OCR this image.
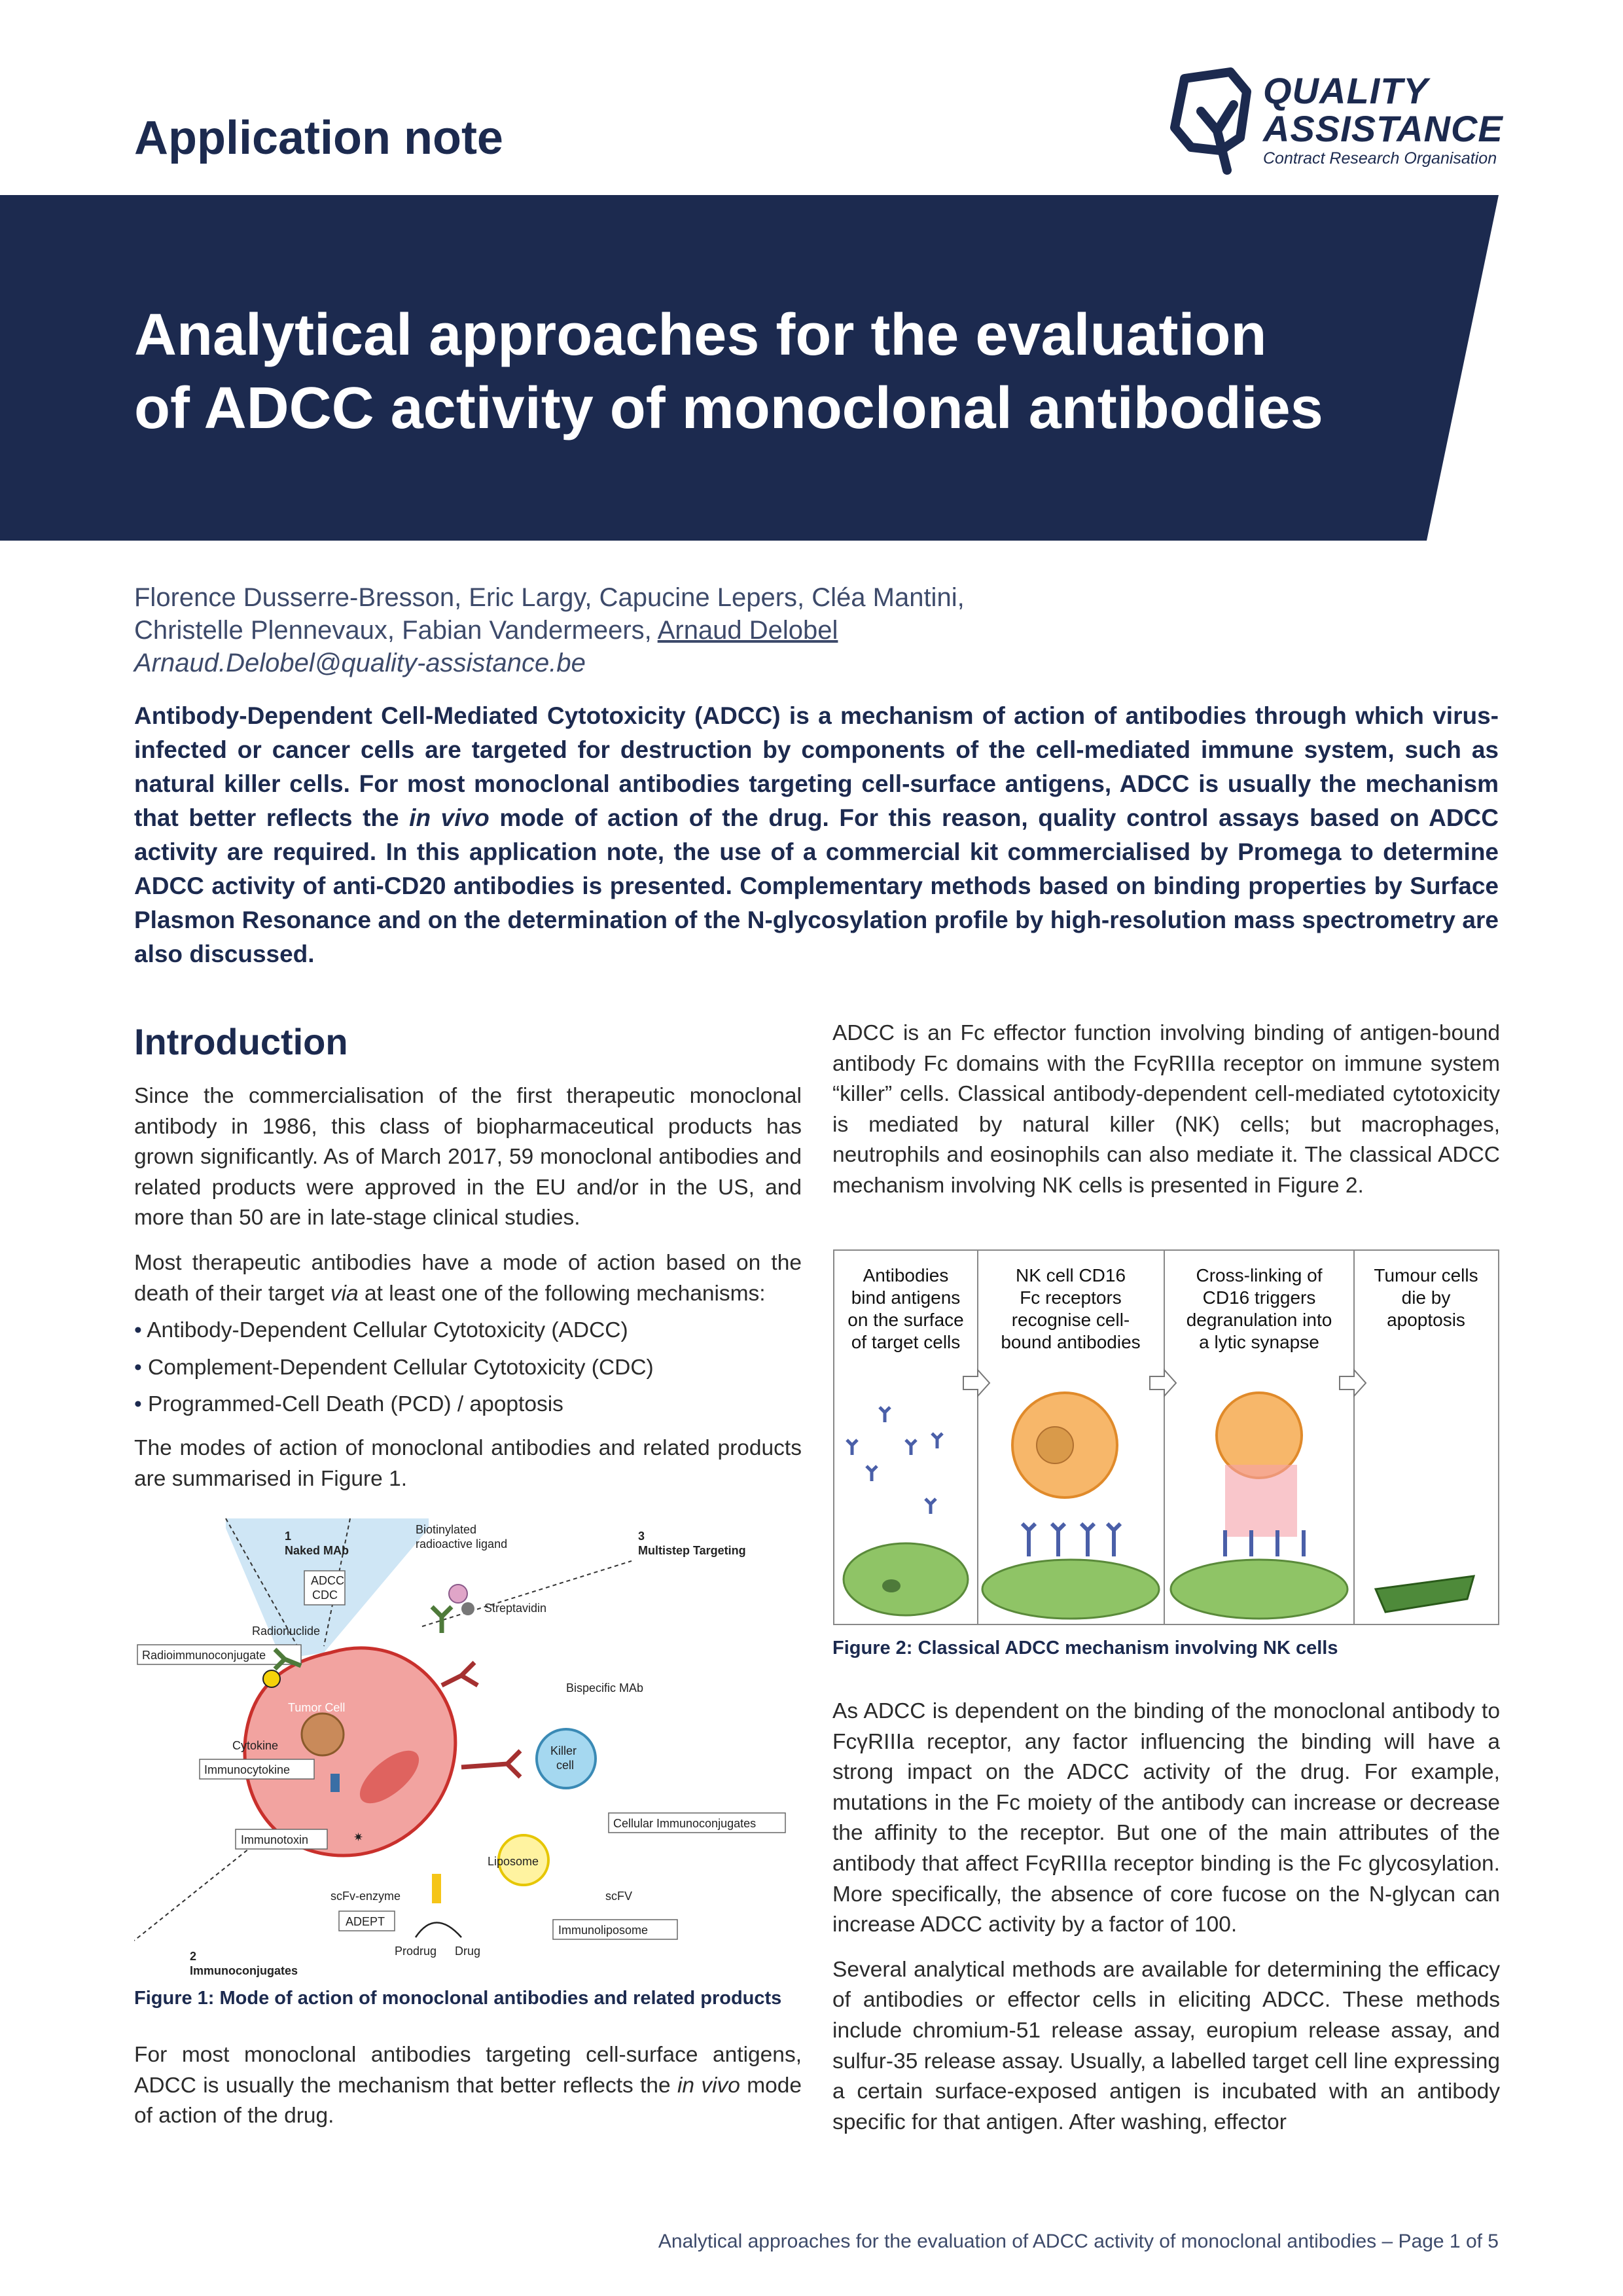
Application note
QUALITY
ASSISTANCE
Contract Research Organisation
Analytical approaches for the evaluation
of ADCC activity of monoclonal antibodies
Florence Dusserre-Bresson, Eric Largy, Capucine Lepers, Cléa Mantini,
Christelle Plennevaux, Fabian Vandermeers, Arnaud Delobel
Arnaud.Delobel@quality-assistance.be

Antibody-Dependent Cell-Mediated Cytotoxicity (ADCC) is a mechanism of action of antibodies through which virus-infected or cancer cells are targeted for destruction by components of the cell-mediated immune system, such as natural killer cells. For most monoclonal antibodies targeting cell-surface antigens, ADCC is usually the mechanism that better reflects the in vivo mode of action of the drug. For this reason, quality control assays based on ADCC activity are required. In this application note, the use of a commercial kit commercialised by Promega to determine ADCC activity of anti-CD20 antibodies is presented. Complementary methods based on binding properties by Surface Plasmon Resonance and on the determination of the N-glycosylation profile by high-resolution mass spectrometry are also discussed.

Introduction

Since the commercialisation of the first therapeutic monoclonal antibody in 1986, this class of biopharmaceutical products has grown significantly. As of March 2017, 59 monoclonal antibodies and related products were approved in the EU and/or in the US, and more than 50 are in late-stage clinical studies.

Most therapeutic antibodies have a mode of action based on the death of their target via at least one of the following mechanisms:

• Antibody-Dependent Cellular Cytotoxicity (ADCC)
• Complement-Dependent Cellular Cytotoxicity (CDC)
• Programmed-Cell Death (PCD) / apoptosis

The modes of action of monoclonal antibodies and related products are summarised in Figure 1.

Tumor Cell
1
Naked MAb
ADCC
CDC
Biotinylated
radioactive ligand
3
Multistep Targeting
Streptavidin
Radionuclide
Radioimmunoconjugate
Bispecific MAb
Killer
cell
Cellular Immunoconjugates
Cytokine
Immunocytokine
Immunotoxin	✷
Liposome
scFv-enzyme	scFV
ADEPT
Prodrug Drug
Immunoliposome
2
Immunoconjugates
Figure 1: Mode of action of monoclonal antibodies and related products

For most monoclonal antibodies targeting cell-surface antigens, ADCC is usually the mechanism that better reflects the in vivo mode of action of the drug.

ADCC is an Fc effector function involving binding of antigen-bound antibody Fc domains with the FcγRIIIa receptor on immune system “killer” cells. Classical antibody-dependent cell-mediated cytotoxicity is mediated by natural killer (NK) cells; but macrophages, neutrophils and eosinophils can also mediate it. The classical ADCC mechanism involving NK cells is presented in Figure 2.

Antibodies
bind antigens
on the surface
of target cells
NK cell CD16
Fc receptors
recognise cell-
bound antibodies
Cross-linking of
CD16 triggers
degranulation into
a lytic synapse
Tumour cells
die by
apoptosis
Figure 2: Classical ADCC mechanism involving NK cells

As ADCC is dependent on the binding of the monoclonal antibody to FcγRIIIa receptor, any factor influencing the binding will have a strong impact on the ADCC activity of the drug. For example, mutations in the Fc moiety of the antibody can increase or decrease the affinity to the receptor. But one of the main attributes of the antibody that affect FcγRIIIa receptor binding is the Fc glycosylation. More specifically, the absence of core fucose on the N-glycan can increase ADCC activity by a factor of 100.

Several analytical methods are available for determining the efficacy of antibodies or effector cells in eliciting ADCC. These methods include chromium-51 release assay, europium release assay, and sulfur-35 release assay. Usually, a labelled target cell line expressing a certain surface-exposed antigen is incubated with an antibody specific for that antigen. After washing, effector

Analytical approaches for the evaluation of ADCC activity of monoclonal antibodies – Page 1 of 5
